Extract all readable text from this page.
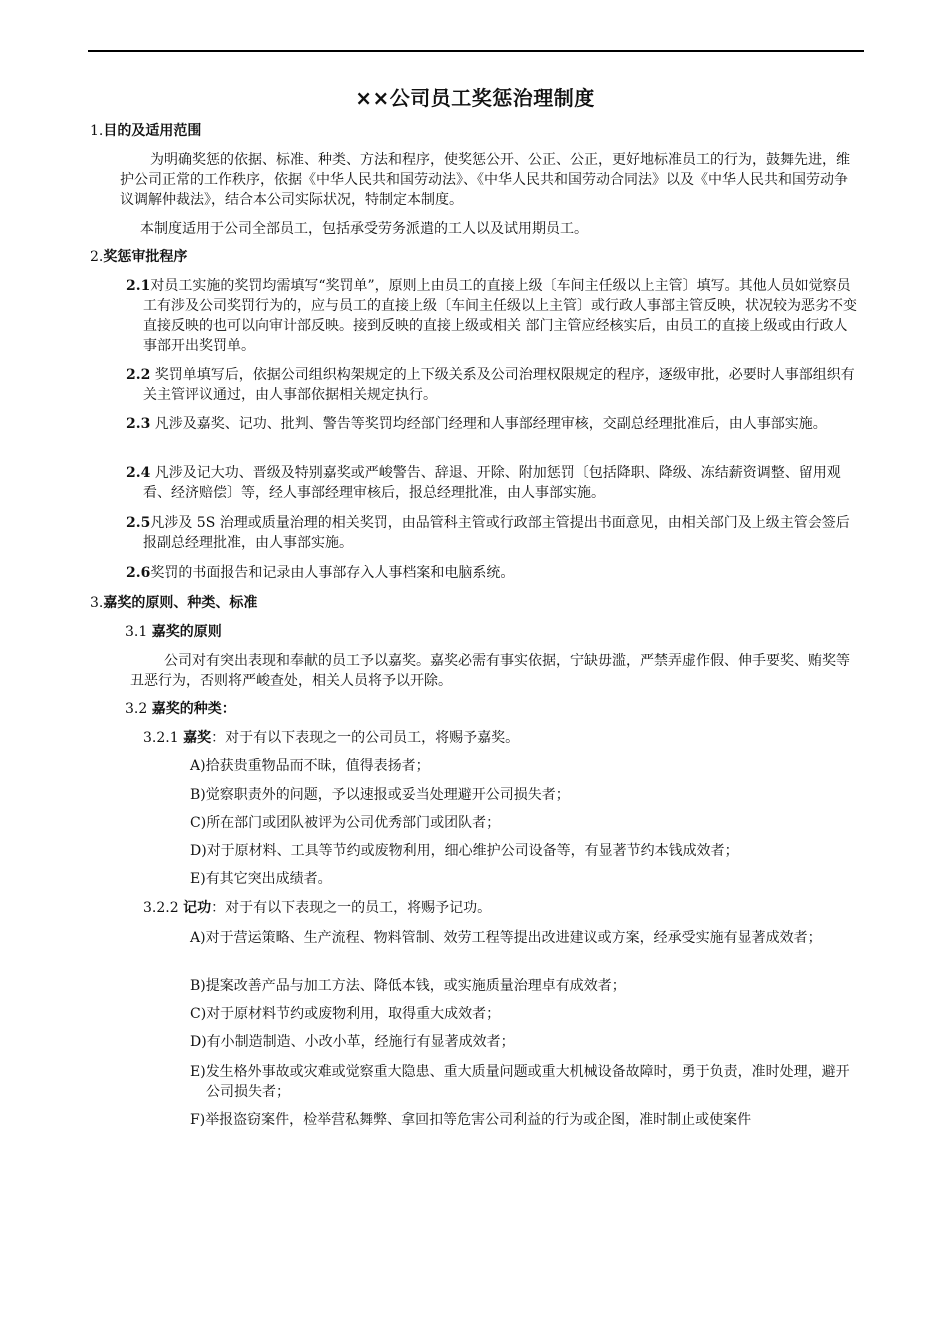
××公司员工奖惩治理制度
1.目的及适用范围

为明确奖惩的依据、标准、种类、方法和程序，使奖惩公开、公正、公正，更好地标准员工的行为，鼓舞先进，维护公司正常的工作秩序，依据《中华人民共和国劳动法》、《中华人民共和国劳动合同法》以及《中华人民共和国劳动争议调解仲裁法》，结合本公司实际状况，特制定本制度。

本制度适用于公司全部员工，包括承受劳务派遣的工人以及试用期员工。

2.奖惩审批程序

2.1对员工实施的奖罚均需填写“奖罚单”，原则上由员工的直接上级〔车间主任级以上主管〕填写。其他人员如觉察员工有涉及公司奖罚行为的，应与员工的直接上级〔车间主任级以上主管〕或行政人事部主管反映，状况较为恶劣不变直接反映的也可以向审计部反映。接到反映的直接上级或相关 部门主管应经核实后，由员工的直接上级或由行政人事部开出奖罚单。

2.2 奖罚单填写后，依据公司组织构架规定的上下级关系及公司治理权限规定的程序，逐级审批，必要时人事部组织有关主管评议通过，由人事部依据相关规定执行。

2.3 凡涉及嘉奖、记功、批判、警告等奖罚均经部门经理和人事部经理审核，交副总经理批准后，由人事部实施。

2.4 凡涉及记大功、晋级及特别嘉奖或严峻警告、辞退、开除、附加惩罚〔包括降职、降级、冻结薪资调整、留用观看、经济赔偿〕等，经人事部经理审核后，报总经理批准，由人事部实施。

2.5凡涉及 5S 治理或质量治理的相关奖罚，由品管科主管或行政部主管提出书面意见，由相关部门及上级主管会签后报副总经理批准，由人事部实施。

2.6奖罚的书面报告和记录由人事部存入人事档案和电脑系统。

3.嘉奖的原则、种类、标准
3.1 嘉奖的原则

公司对有突出表现和奉献的员工予以嘉奖。嘉奖必需有事实依据，宁缺毋滥，严禁弄虚作假、伸手要奖、贿奖等丑恶行为，否则将严峻查处，相关人员将予以开除。

3.2 嘉奖的种类：
3.2.1 嘉奖：对于有以下表现之一的公司员工，将赐予嘉奖。

A)拾获贵重物品而不昧，值得表扬者；

B)觉察职责外的问题，予以速报或妥当处理避开公司损失者；

C)所在部门或团队被评为公司优秀部门或团队者；

D)对于原材料、工具等节约或废物利用，细心维护公司设备等，有显著节约本钱成效者；

E)有其它突出成绩者。

3.2.2 记功：对于有以下表现之一的员工，将赐予记功。

A)对于营运策略、生产流程、物料管制、效劳工程等提出改进建议或方案，经承受实施有显著成效者；

B)提案改善产品与加工方法、降低本钱，或实施质量治理卓有成效者；

C)对于原材料节约或废物利用，取得重大成效者；

D)有小制造制造、小改小革，经施行有显著成效者；

E)发生格外事故或灾难或觉察重大隐患、重大质量问题或重大机械设备故障时，勇于负责，准时处理，避开公司损失者；

F)举报盗窃案件，检举营私舞弊、拿回扣等危害公司利益的行为或企图，准时制止或使案件
